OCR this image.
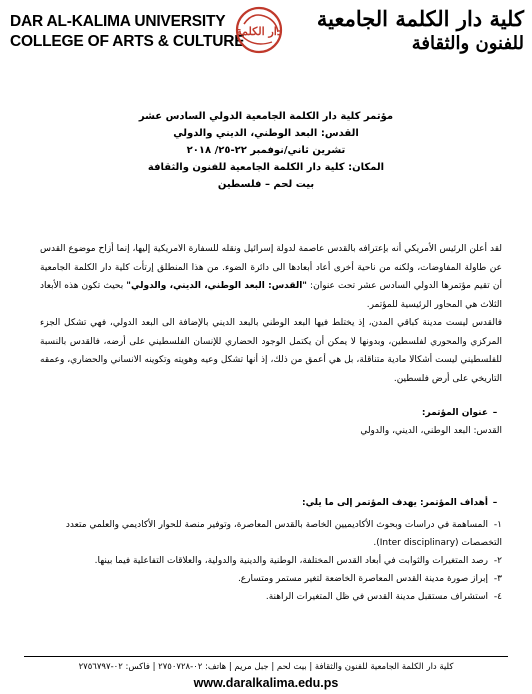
DAR AL-KALIMA UNIVERSITY
COLLEGE OF ARTS & CULTURE
دار الكلمة
كلية دار الكلمة الجامعية
للفنون والثقافة
مؤتمر كلية دار الكلمة الجامعية الدولي السادس عشر
القدس: البعد الوطني، الديني والدولي
تشرين ثاني/نوفمبر ٢٢-٢٥/ ٢٠١٨
المكان: كلية دار الكلمة الجامعية للفنون والثقافة
بيت لحم – فلسطين
لقد أعلن الرئيس الأمريكي أنه بإعترافه بالقدس عاصمة لدولة إسرائيل ونقله للسفارة الامريكية إليها، إنما أزاح موضوع القدس عن طاولة المفاوضات، ولكنه من ناحية أخرى أعاد أبعادها الى دائرة الضوء. من هذا المنطلق إرتأت كلية دار الكلمة الجامعية أن تقيم مؤتمرها الدولي السادس عشر تحت عنوان: "القدس: البعد الوطني، الديني، والدولي" بحيث تكون هذه الأبعاد الثلاث هي المحاور الرئيسية للمؤتمر.
فالقدس ليست مدينة كباقي المدن، إذ يختلط فيها البعد الوطني بالبعد الديني بالإضافة الى البعد الدولي، فهي تشكل الجزء المركزي والمحوري لفلسطين، وبدونها لا يمكن أن يكتمل الوجود الحضاري للإنسان الفلسطيني على أرضه، فالقدس بالنسبة للفلسطيني ليست أشكالا مادية متناقلة، بل هي أعمق من ذلك، إذ أنها تشكل وعيه وهويته وتكوينه الانساني والحضاري، وعمقه التاريخي على أرض فلسطين.
–عنوان المؤتمر:
القدس: البعد الوطني، الديني، والدولي
–أهداف المؤتمر: يهدف المؤتمر إلى ما يلي:
١-المساهمة في دراسات وبحوث الأكاديميين الخاصة بالقدس المعاصرة، وتوفير منصة للحوار الأكاديمي والعلمي متعدد التخصصات (Inter disciplinary).
٢-رصد المتغيرات والثوابت في أبعاد القدس المختلفة، الوطنية والدينية والدولية، والعلاقات التفاعلية فيما بينها.
٣-إبراز صورة مدينة القدس المعاصرة الخاضعة لتغير مستمر ومتسارع.
٤-استشراف مستقبل مدينة القدس في ظل المتغيرات الراهنة.
كلية دار الكلمة الجامعية للفنون والثقافة | بيت لحم | جبل مريم | هاتف: ٠٢-٢٧٥٠٧٢٨ | فاكس: ٠٢-٢٧٥٦٧٩٧
www.daralkalima.edu.ps
